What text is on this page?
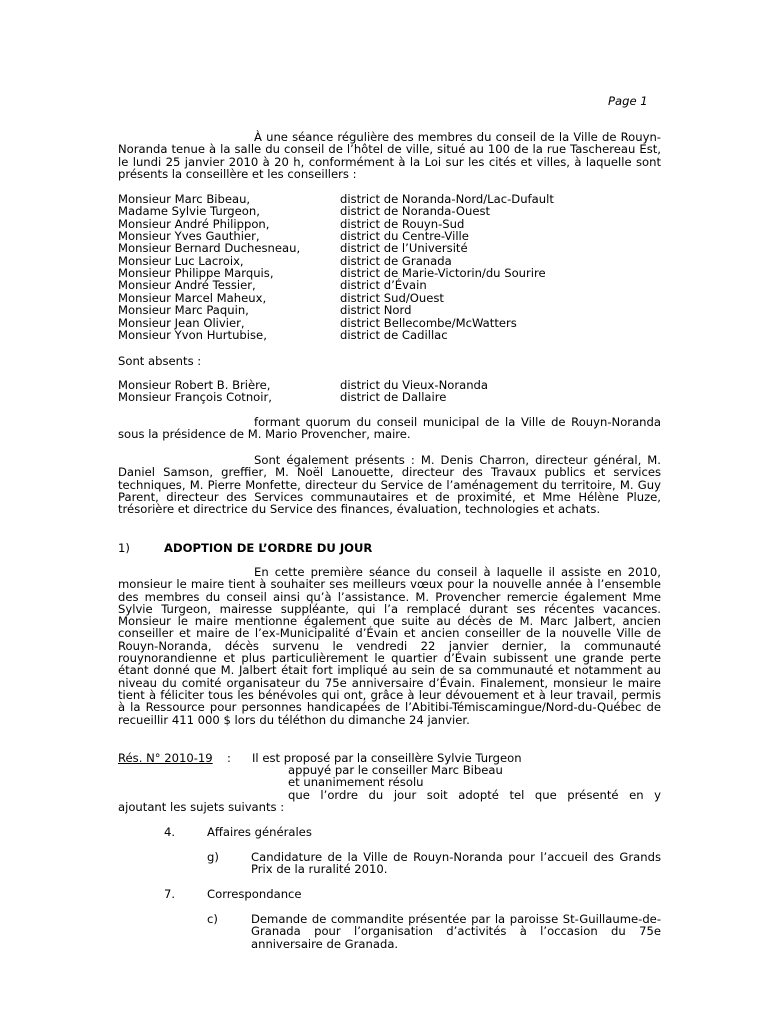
Page 1
À une séance régulière des membres du conseil de la Ville de Rouyn-Noranda tenue à la salle du conseil de l’hôtel de ville, situé au 100 de la rue Taschereau Est, le lundi 25 janvier 2010 à 20 h, conformément à la Loi sur les cités et villes, à laquelle sont présents la conseillère et les conseillers :
Monsieur Marc Bibeau,	district de Noranda-Nord/Lac-Dufault
Madame Sylvie Turgeon,	district de Noranda-Ouest
Monsieur André Philippon,	district de Rouyn-Sud
Monsieur Yves Gauthier,	district du Centre-Ville
Monsieur Bernard Duchesneau,	district de l’Université
Monsieur Luc Lacroix,	district de Granada
Monsieur Philippe Marquis,	district de Marie-Victorin/du Sourire
Monsieur André Tessier,	district d’Évain
Monsieur Marcel Maheux,	district Sud/Ouest
Monsieur Marc Paquin,	district Nord
Monsieur Jean Olivier,	district Bellecombe/McWatters
Monsieur Yvon Hurtubise,	district de Cadillac
Sont absents :
Monsieur Robert B. Brière,	district du Vieux-Noranda
Monsieur François Cotnoir,	district de Dallaire
formant quorum du conseil municipal de la Ville de Rouyn-Noranda sous la présidence de M. Mario Provencher, maire.
Sont également présents : M. Denis Charron, directeur général, M. Daniel Samson, greffier, M. Noël Lanouette, directeur des Travaux publics et services techniques, M. Pierre Monfette, directeur du Service de l’aménagement du territoire, M. Guy Parent, directeur des Services communautaires et de proximité, et Mme Hélène Pluze, trésorière et directrice du Service des finances, évaluation, technologies et achats.
1)	ADOPTION DE L’ORDRE DU JOUR
En cette première séance du conseil à laquelle il assiste en 2010, monsieur le maire tient à souhaiter ses meilleurs vœux pour la nouvelle année à l’ensemble des membres du conseil ainsi qu’à l’assistance. M. Provencher remercie également Mme Sylvie Turgeon, mairesse suppléante, qui l’a remplacé durant ses récentes vacances. Monsieur le maire mentionne également que suite au décès de M. Marc Jalbert, ancien conseiller et maire de l’ex-Municipalité d’Évain et ancien conseiller de la nouvelle Ville de Rouyn-Noranda, décès survenu le vendredi 22 janvier dernier, la communauté rouynorandienne et plus particulièrement le quartier d’Évain subissent une grande perte étant donné que M. Jalbert était fort impliqué au sein de sa communauté et notamment au niveau du comité organisateur du 75e anniversaire d’Évain. Finalement, monsieur le maire tient à féliciter tous les bénévoles qui ont, grâce à leur dévouement et à leur travail, permis à la Ressource pour personnes handicapées de l’Abitibi-Témiscamingue/Nord-du-Québec de recueillir 411 000 $ lors du téléthon du dimanche 24 janvier.
Rés. N° 2010-19 : Il est proposé par la conseillère Sylvie Turgeon
appuyé par le conseiller Marc Bibeau
et unanimement résolu
que l’ordre du jour soit adopté tel que présenté en y
ajoutant les sujets suivants :
4.	Affaires générales
g)	Candidature de la Ville de Rouyn-Noranda pour l’accueil des Grands Prix de la ruralité 2010.
7.	Correspondance
c)	Demande de commandite présentée par la paroisse St-Guillaume-de-Granada pour l’organisation d’activités à l’occasion du 75e anniversaire de Granada.
